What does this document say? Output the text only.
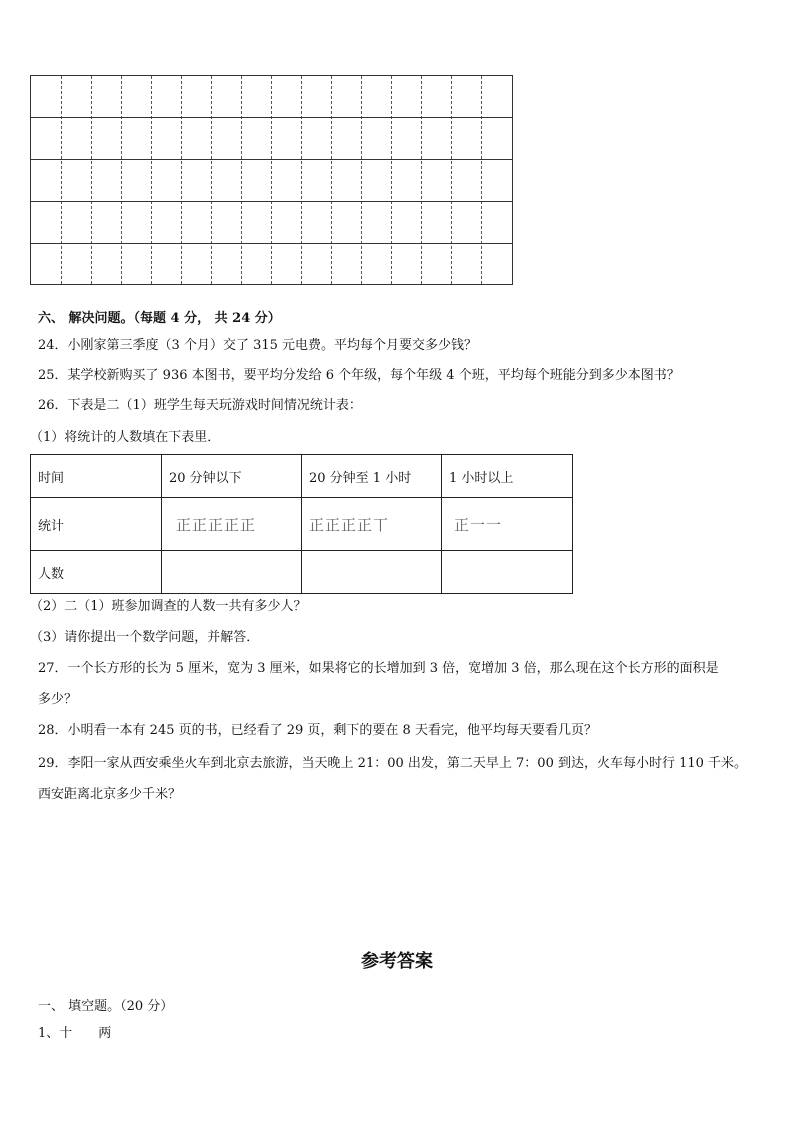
六、 解决问题。（每题 4 分， 共 24 分）
24．小刚家第三季度（3 个月）交了 315 元电费。平均每个月要交多少钱？
25．某学校新购买了 936 本图书，要平均分发给 6 个年级，每个年级 4 个班，平均每个班能分到多少本图书？
26．下表是二（1）班学生每天玩游戏时间情况统计表：
（1）将统计的人数填在下表里．
时间	20 分钟以下	20 分钟至 1 小时	1 小时以上
统计	正正正正正	正正正正丅	正一一
人数			
（2）二（1）班参加调查的人数一共有多少人？
（3）请你提出一个数学问题，并解答．
27．一个长方形的长为 5 厘米，宽为 3 厘米，如果将它的长增加到 3 倍，宽增加 3 倍，那么现在这个长方形的面积是
多少？
28．小明看一本有 245 页的书，已经看了 29 页，剩下的要在 8 天看完，他平均每天要看几页？
29．李阳一家从西安乘坐火车到北京去旅游，当天晚上 21：00 出发，第二天早上 7：00 到达，火车每小时行 110 千米。
西安距离北京多少千米？
参考答案
一、 填空题。（20 分）
1、十　　两
